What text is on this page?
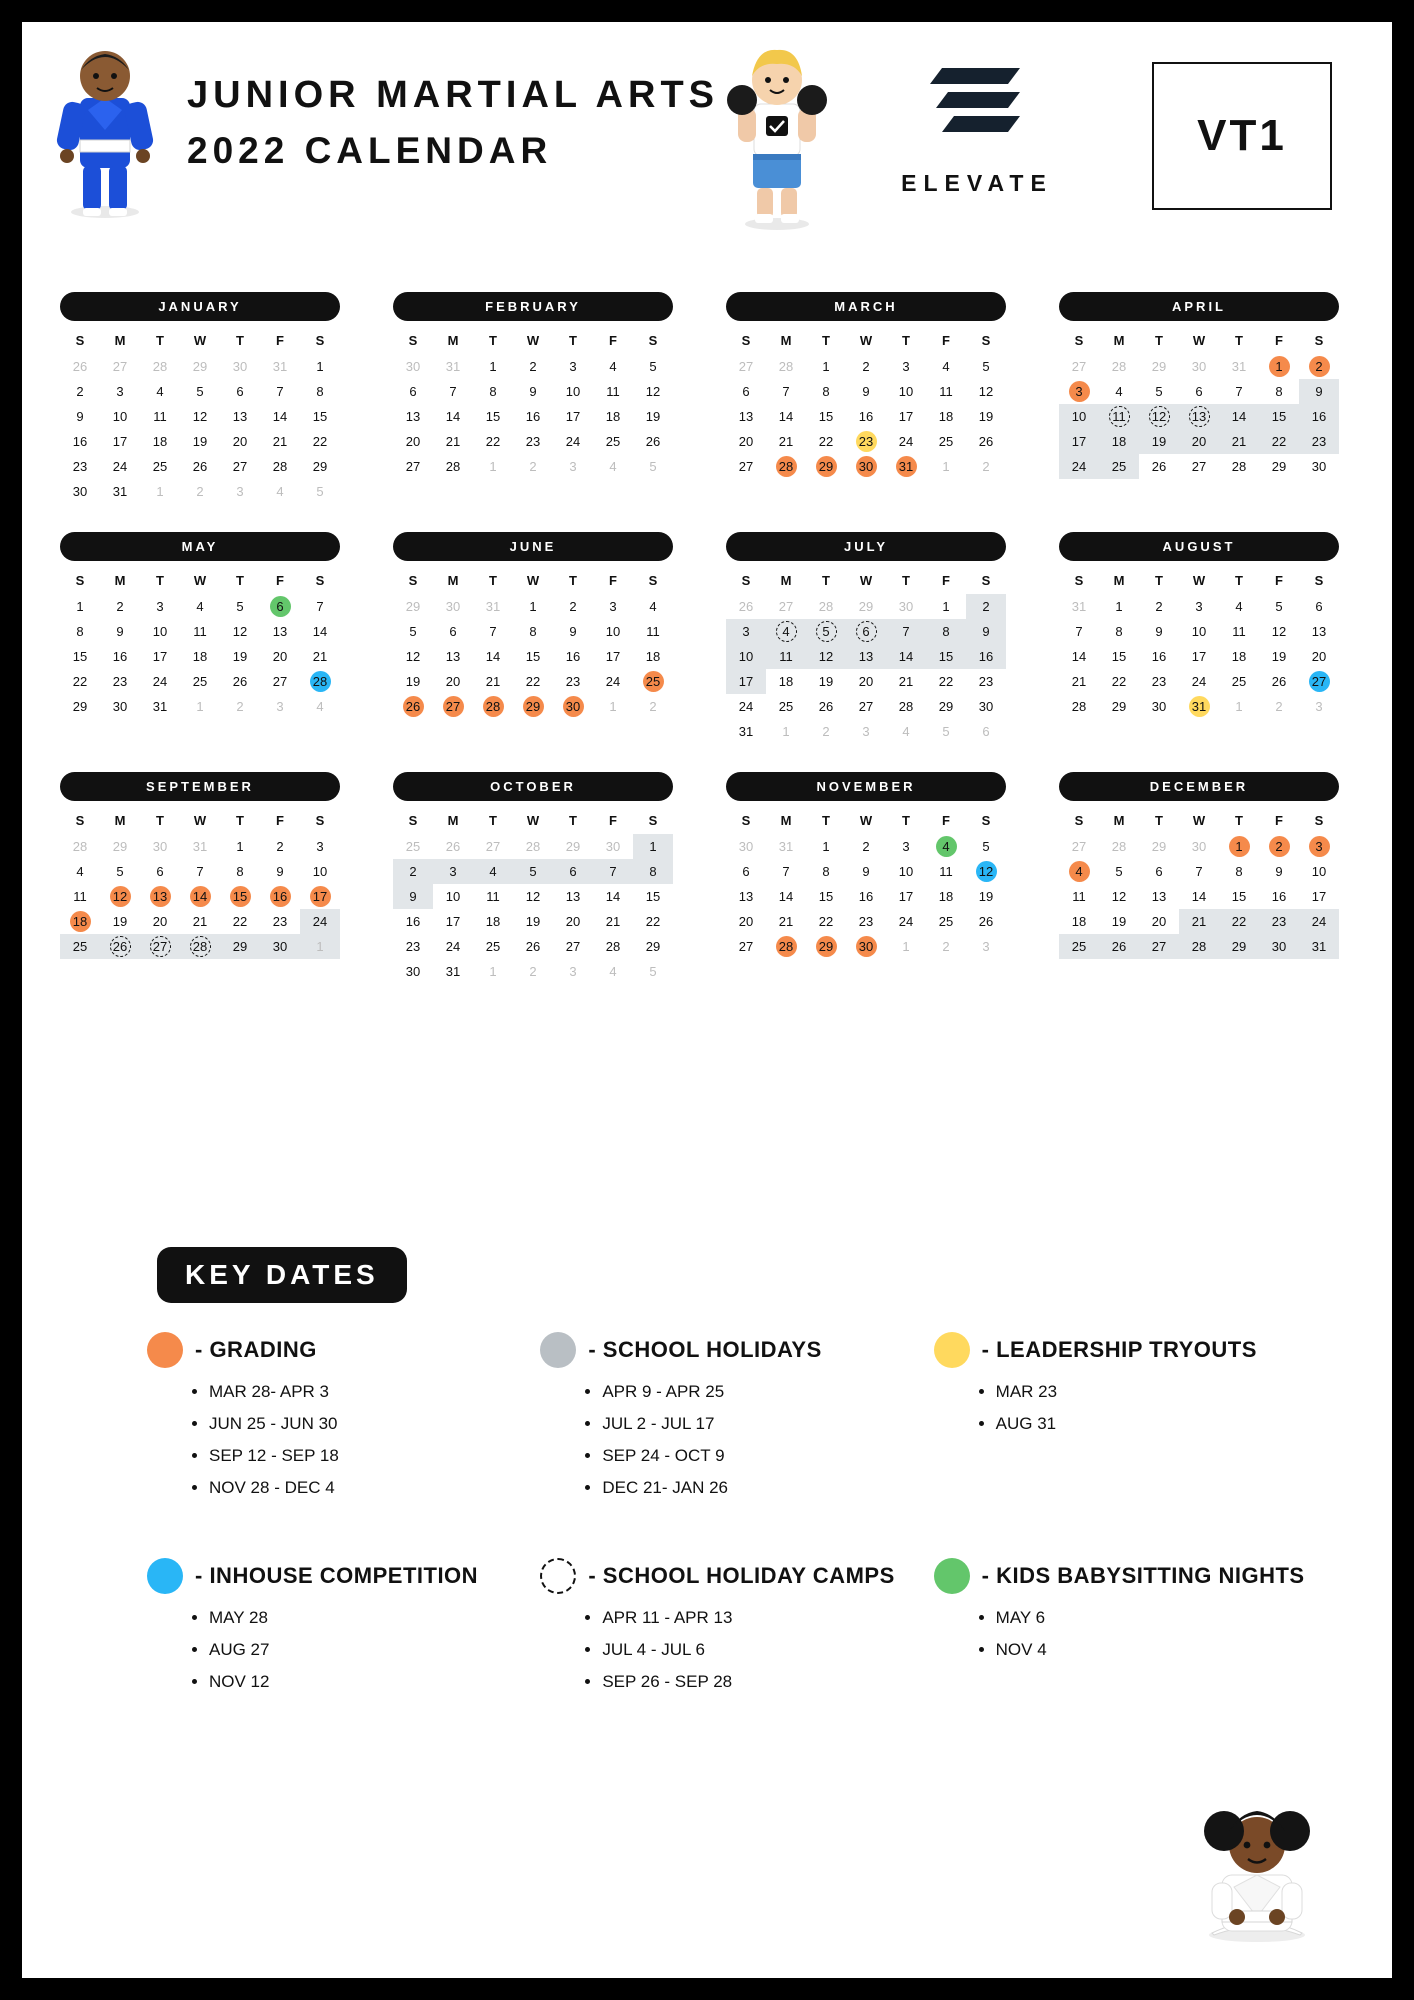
JUNIOR MARTIAL ARTS
2022 CALENDAR
ELEVATE
VT1
JANUARY
S	M	T	W	T	F	S
26	27	28	29	30	31	1
2	3	4	5	6	7	8
9	10	11	12	13	14	15
16	17	18	19	20	21	22
23	24	25	26	27	28	29
30	31	1	2	3	4	5
FEBRUARY
S	M	T	W	T	F	S
30	31	1	2	3	4	5
6	7	8	9	10	11	12
13	14	15	16	17	18	19
20	21	22	23	24	25	26
27	28	1	2	3	4	5
MARCH
S	M	T	W	T	F	S
27	28	1	2	3	4	5
6	7	8	9	10	11	12
13	14	15	16	17	18	19
20	21	22	23	24	25	26
27	28	29	30	31	1	2
APRIL
S	M	T	W	T	F	S
27	28	29	30	31	1	2
3	4	5	6	7	8	9
10	11	12	13	14	15	16
17	18	19	20	21	22	23
24	25	26	27	28	29	30
MAY
S	M	T	W	T	F	S
1	2	3	4	5	6	7
8	9	10	11	12	13	14
15	16	17	18	19	20	21
22	23	24	25	26	27	28
29	30	31	1	2	3	4
JUNE
S	M	T	W	T	F	S
29	30	31	1	2	3	4
5	6	7	8	9	10	11
12	13	14	15	16	17	18
19	20	21	22	23	24	25
26	27	28	29	30	1	2
JULY
S	M	T	W	T	F	S
26	27	28	29	30	1	2
3	4	5	6	7	8	9
10	11	12	13	14	15	16
17	18	19	20	21	22	23
24	25	26	27	28	29	30
31	1	2	3	4	5	6
AUGUST
S	M	T	W	T	F	S
31	1	2	3	4	5	6
7	8	9	10	11	12	13
14	15	16	17	18	19	20
21	22	23	24	25	26	27
28	29	30	31	1	2	3
SEPTEMBER
S	M	T	W	T	F	S
28	29	30	31	1	2	3
4	5	6	7	8	9	10
11	12	13	14	15	16	17
18	19	20	21	22	23	24
25	26	27	28	29	30	1
OCTOBER
S	M	T	W	T	F	S
25	26	27	28	29	30	1
2	3	4	5	6	7	8
9	10	11	12	13	14	15
16	17	18	19	20	21	22
23	24	25	26	27	28	29
30	31	1	2	3	4	5
NOVEMBER
S	M	T	W	T	F	S
30	31	1	2	3	4	5
6	7	8	9	10	11	12
13	14	15	16	17	18	19
20	21	22	23	24	25	26
27	28	29	30	1	2	3
DECEMBER
S	M	T	W	T	F	S
27	28	29	30	1	2	3
4	5	6	7	8	9	10
11	12	13	14	15	16	17
18	19	20	21	22	23	24
25	26	27	28	29	30	31
KEY DATES
- GRADING
• MAR 28- APR 3
• JUN 25 - JUN 30
• SEP 12 - SEP 18
• NOV 28 - DEC 4
- SCHOOL HOLIDAYS
• APR 9 - APR 25
• JUL 2 - JUL 17
• SEP 24 - OCT 9
• DEC 21- JAN 26
- LEADERSHIP TRYOUTS
• MAR 23
• AUG 31
- INHOUSE COMPETITION
• MAY 28
• AUG 27
• NOV 12
- SCHOOL HOLIDAY CAMPS
• APR 11 - APR 13
• JUL 4 - JUL 6
• SEP 26 - SEP 28
- KIDS BABYSITTING NIGHTS
• MAY 6
• NOV 4
